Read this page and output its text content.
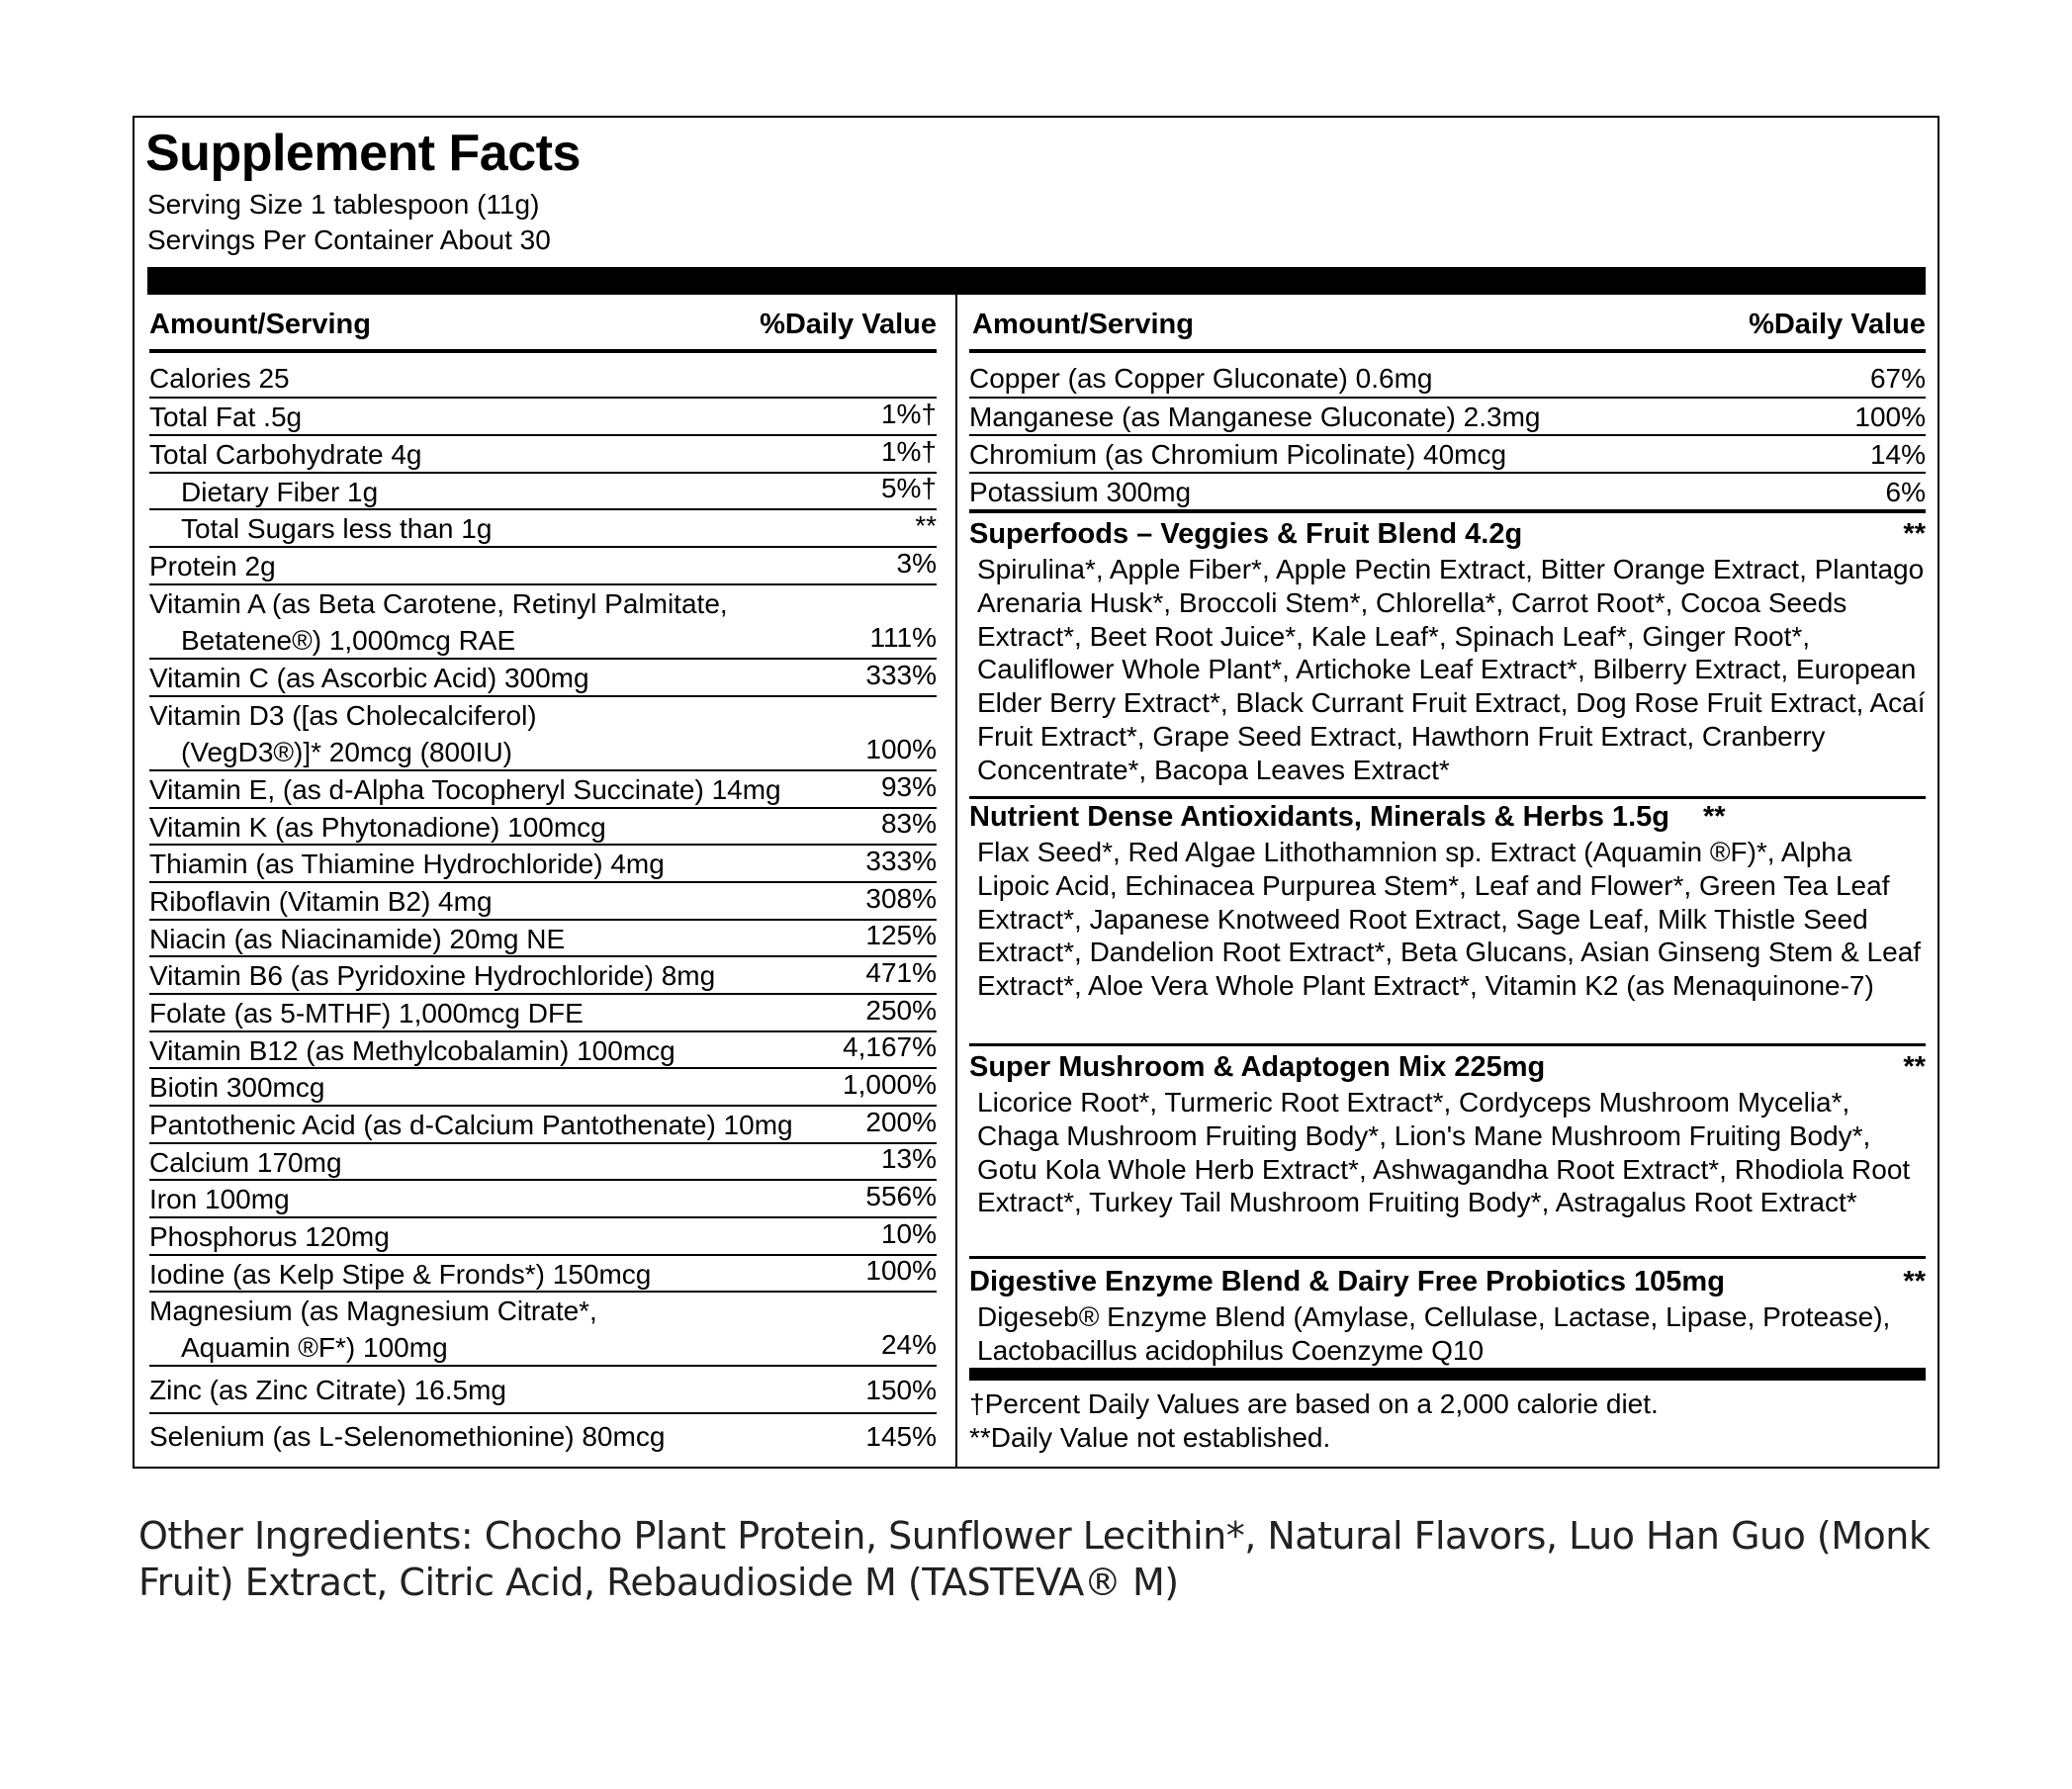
Supplement Facts
Serving Size 1 tablespoon (11g)
Servings Per Container About 30
Amount/Serving	%Daily Value Amount/Serving	%Daily Value
Calories 25
Total Fat .5g	1%†
Total Carbohydrate 4g	1%†
Dietary Fiber 1g	5%†
Total Sugars less than 1g	**
Protein 2g	3%
Vitamin A (as Beta Carotene, Retinyl Palmitate,
Betatene®) 1,000mcg RAE	111%
Vitamin C (as Ascorbic Acid) 300mg	333%
Vitamin D3 ([as Cholecalciferol)
(VegD3®)]* 20mcg (800IU)	100%
Vitamin E, (as d-Alpha Tocopheryl Succinate) 14mg	93%
Vitamin K (as Phytonadione) 100mcg	83%
Thiamin (as Thiamine Hydrochloride) 4mg	333%
Riboflavin (Vitamin B2) 4mg	308%
Niacin (as Niacinamide) 20mg NE	125%
Vitamin B6 (as Pyridoxine Hydrochloride) 8mg	471%
Folate (as 5-MTHF) 1,000mcg DFE	250%
Vitamin B12 (as Methylcobalamin) 100mcg	4,167%
Biotin 300mcg	1,000%
Pantothenic Acid (as d-Calcium Pantothenate) 10mg	200%
Calcium 170mg	13%
Iron 100mg	556%
Phosphorus 120mg	10%
Iodine (as Kelp Stipe & Fronds*) 150mcg	100%
Magnesium (as Magnesium Citrate*,
Aquamin ®F*) 100mg	24%
Zinc (as Zinc Citrate) 16.5mg	150%
Selenium (as L-Selenomethionine) 80mcg	145%
Copper (as Copper Gluconate) 0.6mg	67%
Manganese (as Manganese Gluconate) 2.3mg	100%
Chromium (as Chromium Picolinate) 40mcg	14%
Potassium 300mg	6%
Superfoods – Veggies & Fruit Blend 4.2g	**
Spirulina*, Apple Fiber*, Apple Pectin Extract, Bitter Orange Extract, Plantago Arenaria Husk*, Broccoli Stem*, Chlorella*, Carrot Root*, Cocoa Seeds Extract*, Beet Root Juice*, Kale Leaf*, Spinach Leaf*, Ginger Root*, Cauliflower Whole Plant*, Artichoke Leaf Extract*, Bilberry Extract, European Elder Berry Extract*, Black Currant Fruit Extract, Dog Rose Fruit Extract, Acaí Fruit Extract*, Grape Seed Extract, Hawthorn Fruit Extract, Cranberry Concentrate*, Bacopa Leaves Extract*
Nutrient Dense Antioxidants, Minerals & Herbs 1.5g **
Flax Seed*, Red Algae Lithothamnion sp. Extract (Aquamin ®F)*, Alpha Lipoic Acid, Echinacea Purpurea Stem*, Leaf and Flower*, Green Tea Leaf Extract*, Japanese Knotweed Root Extract, Sage Leaf, Milk Thistle Seed Extract*, Dandelion Root Extract*, Beta Glucans, Asian Ginseng Stem & Leaf Extract*, Aloe Vera Whole Plant Extract*, Vitamin K2 (as Menaquinone-7)
Super Mushroom & Adaptogen Mix 225mg	**
Licorice Root*, Turmeric Root Extract*, Cordyceps Mushroom Mycelia*, Chaga Mushroom Fruiting Body*, Lion's Mane Mushroom Fruiting Body*, Gotu Kola Whole Herb Extract*, Ashwagandha Root Extract*, Rhodiola Root Extract*, Turkey Tail Mushroom Fruiting Body*, Astragalus Root Extract*
Digestive Enzyme Blend & Dairy Free Probiotics 105mg	**
Digeseb® Enzyme Blend (Amylase, Cellulase, Lactase, Lipase, Protease), Lactobacillus acidophilus Coenzyme Q10
†Percent Daily Values are based on a 2,000 calorie diet.
**Daily Value not established.
Other Ingredients: Chocho Plant Protein, Sunflower Lecithin*, Natural Flavors, Luo Han Guo (Monk Fruit) Extract, Citric Acid, Rebaudioside M (TASTEVA® M)
